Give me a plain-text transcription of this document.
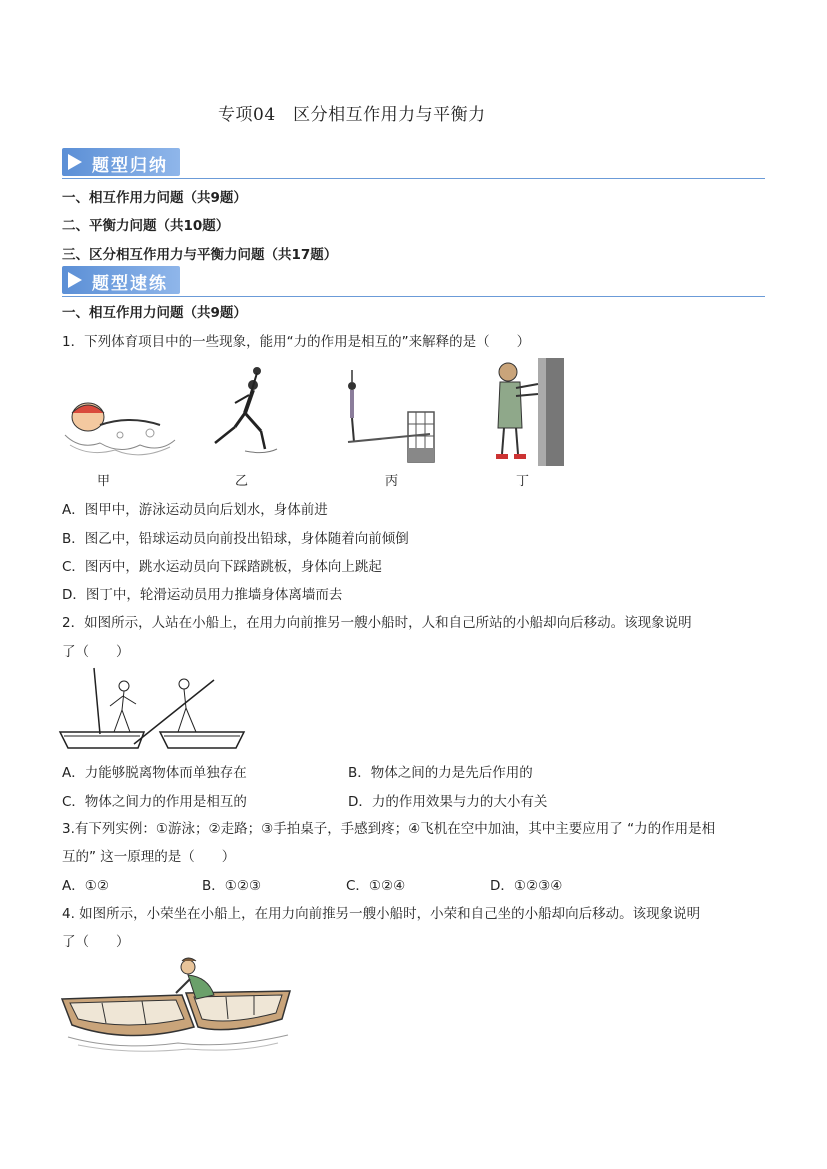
专项04　区分相互作用力与平衡力
题型归纳
一、相互作用力问题（共9题）
二、平衡力问题（共10题）
三、区分相互作用力与平衡力问题（共17题）
题型速练
一、相互作用力问题（共9题）
1．下列体育项目中的一些现象，能用“力的作用是相互的”来解释的是（　　）
甲	乙	丙	丁
A．图甲中，游泳运动员向后划水，身体前进
B．图乙中，铅球运动员向前投出铅球，身体随着向前倾倒
C．图丙中，跳水运动员向下踩踏跳板，身体向上跳起
D．图丁中，轮滑运动员用力推墙身体离墙而去
2．如图所示，人站在小船上，在用力向前推另一艘小船时，人和自己所站的小船却向后移动。该现象说明
了（　　）
A．力能够脱离物体而单独存在	B．物体之间的力是先后作用的
C．物体之间力的作用是相互的	D．力的作用效果与力的大小有关
3.有下列实例：①游泳；②走路；③手拍桌子，手感到疼；④飞机在空中加油，其中主要应用了 “力的作用是相
互的” 这一原理的是（　　）
A．①②	B．①②③	C．①②④	D．①②③④
4. 如图所示，小荣坐在小船上，在用力向前推另一艘小船时，小荣和自己坐的小船却向后移动。该现象说明
了（　　）
